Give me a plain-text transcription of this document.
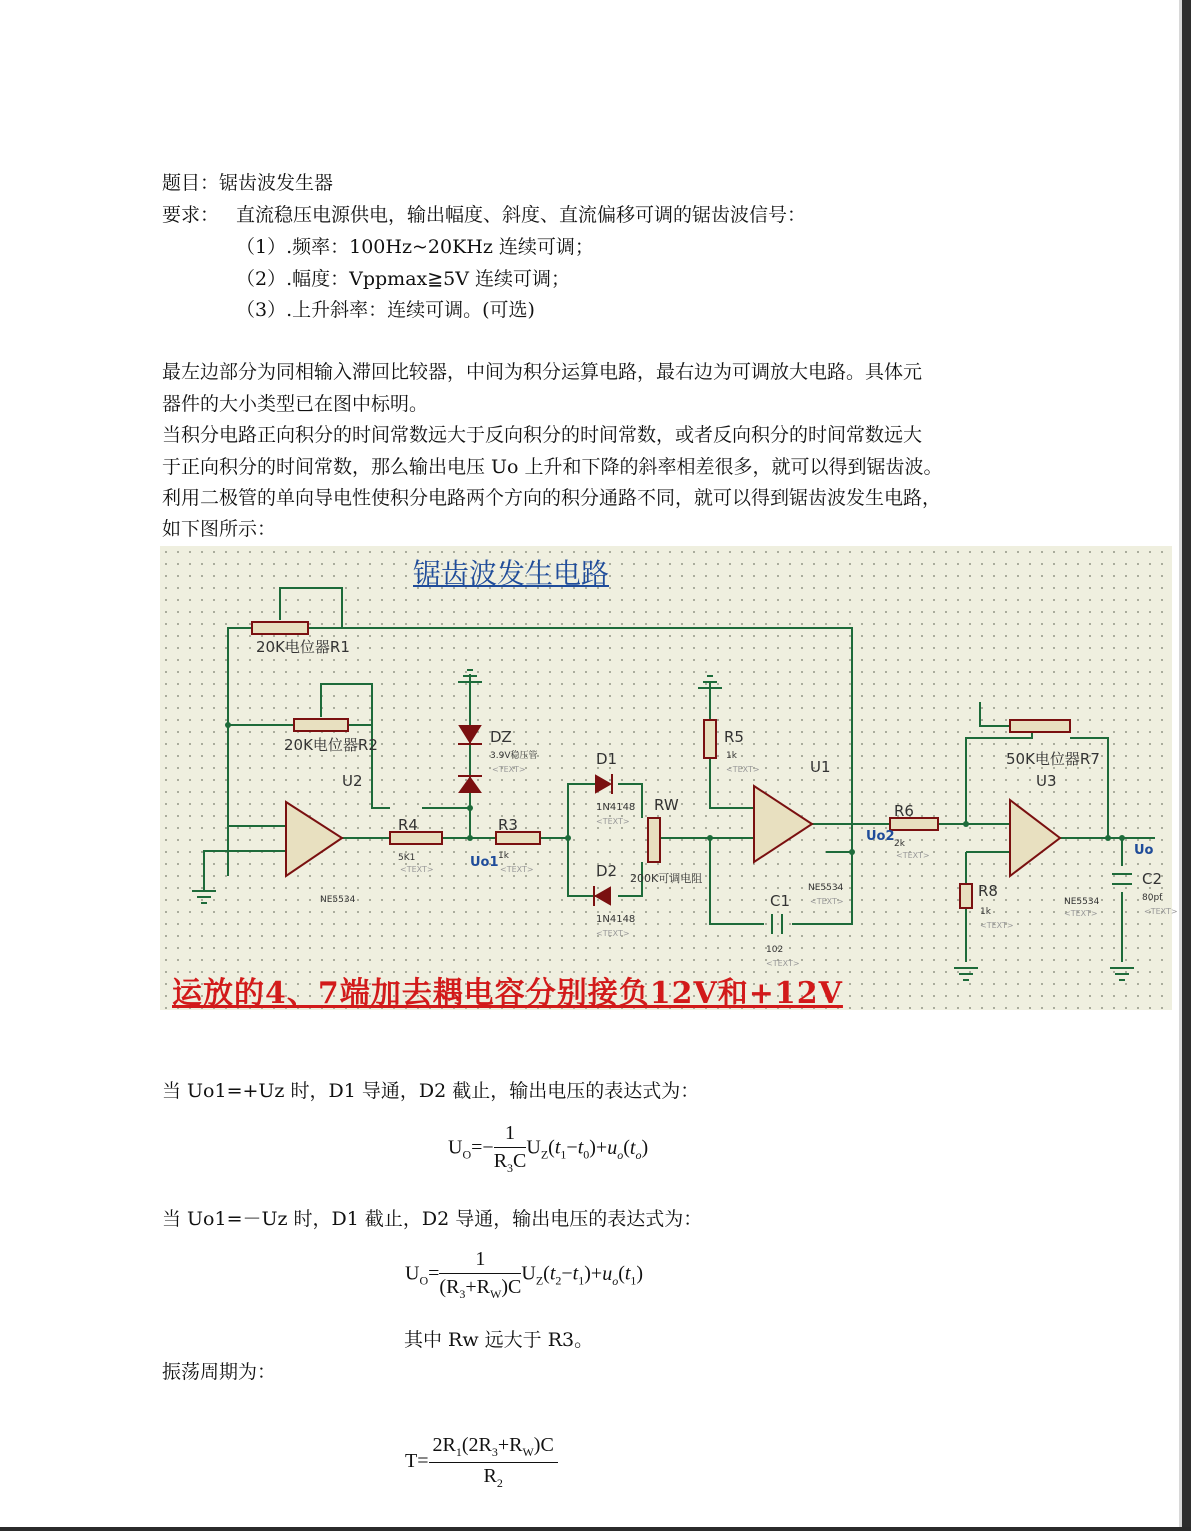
题目：锯齿波发生器
要求： 直流稳压电源供电，输出幅度、斜度、直流偏移可调的锯齿波信号：
（1）.频率：100Hz~20KHz 连续可调；
（2）.幅度：Vppmax≧5V 连续可调；
（3）.上升斜率：连续可调。(可选)
最左边部分为同相输入滞回比较器，中间为积分运算电路，最右边为可调放大电路。具体元
器件的大小类型已在图中标明。
当积分电路正向积分的时间常数远大于反向积分的时间常数，或者反向积分的时间常数远大
于正向积分的时间常数，那么输出电压 Uo 上升和下降的斜率相差很多，就可以得到锯齿波。
利用二极管的单向导电性使积分电路两个方向的积分通路不同，就可以得到锯齿波发生电路，
如下图所示：
锯齿波发生电路
20K电位器R1
20K电位器R2
U2
DZ
3.9V稳压管	D1
D2
1N4148
1N4148
RW
200K可调电阻
R5
1k
U1
R4
5K1
R3
1k
Uo1
R6
2k
Uo2
50K电位器R7
U3
R8
1k
C1
102
C2
80pf
Uo
NE5534
NE5534
NE5534
<TEXT>
<TEXT>
<TEXT>
<TEXT>
<TEXT>	<TEXT>
<TEXT>
<TEXT>
<TEXT>
<TEXT>
<TEXT>	<TEXT>
运放的4、7端加去耦电容分别接负12V和+12V
当 Uo1=+Uz 时，D1 导通，D2 截止，输出电压的表达式为：
$U_O=- \frac{1}{R_3C} U_Z(t_1-t_0)+u_o(t_o)$
当 Uo1=－Uz 时，D1 截止，D2 导通，输出电压的表达式为：
$U_O= \frac{1}{(R_3+R_W)C} U_Z(t_2-t_1)+u_o(t_1)$
其中 Rw 远大于 R3。
振荡周期为：
$T= \frac{2R_1(2R_3+R_W)C}{R_2}$
